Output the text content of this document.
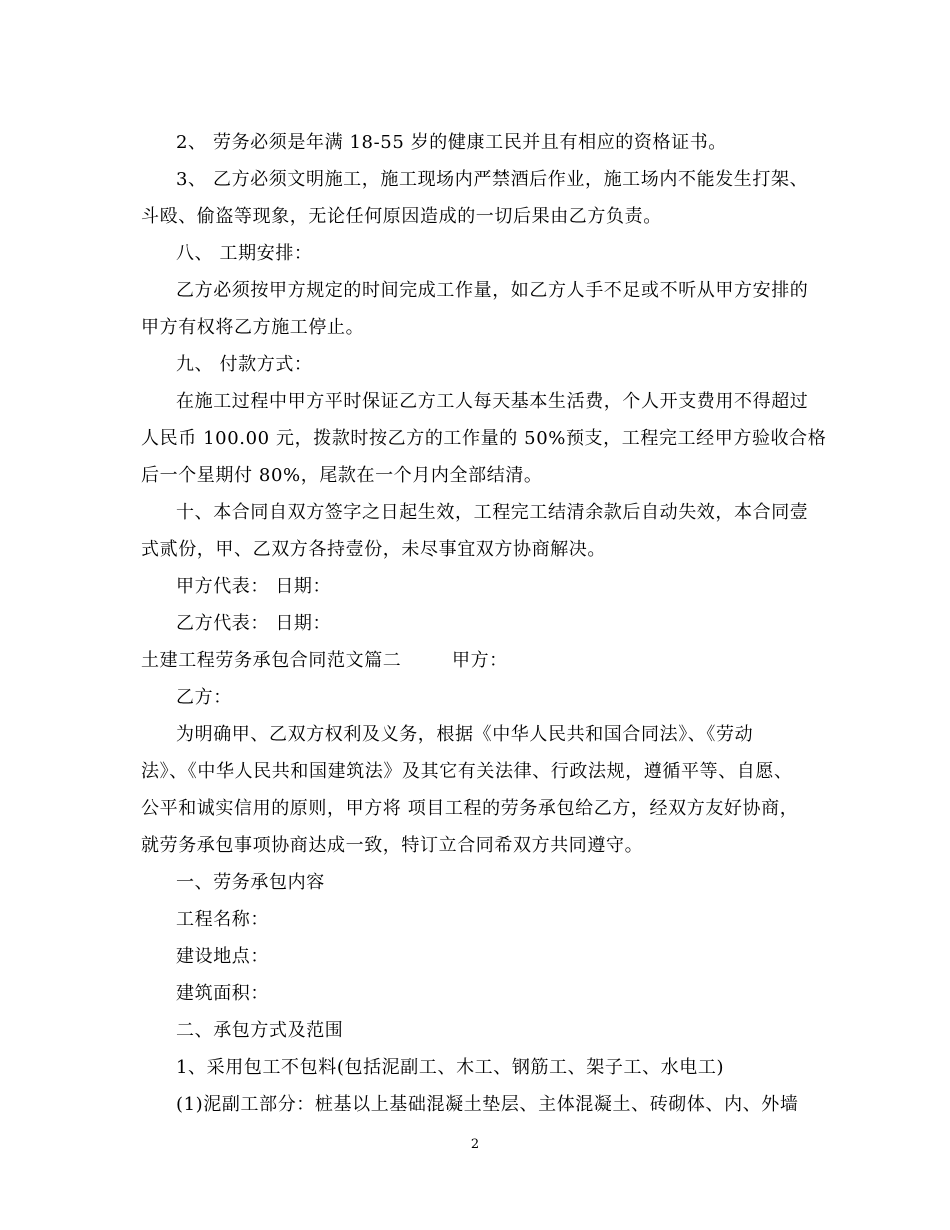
2、 劳务必须是年满 18-55 岁的健康工民并且有相应的资格证书。
3、 乙方必须文明施工，施工现场内严禁酒后作业，施工场内不能发生打架、
斗殴、偷盗等现象，无论任何原因造成的一切后果由乙方负责。
八、 工期安排：
乙方必须按甲方规定的时间完成工作量，如乙方人手不足或不听从甲方安排的
甲方有权将乙方施工停止。
九、 付款方式：
在施工过程中甲方平时保证乙方工人每天基本生活费，个人开支费用不得超过
人民币 100.00 元，拨款时按乙方的工作量的 50%预支，工程完工经甲方验收合格
后一个星期付 80%，尾款在一个月内全部结清。
十、本合同自双方签字之日起生效，工程完工结清余款后自动失效，本合同壹
式贰份，甲、乙双方各持壹份，未尽事宜双方协商解决。
甲方代表： 日期：
乙方代表： 日期：
土建工程劳务承包合同范文篇二        甲方：
乙方：
为明确甲、乙双方权利及义务，根据《中华人民共和国合同法》、《劳动
法》、《中华人民共和国建筑法》及其它有关法律、行政法规，遵循平等、自愿、
公平和诚实信用的原则，甲方将 项目工程的劳务承包给乙方，经双方友好协商，
就劳务承包事项协商达成一致，特订立合同希双方共同遵守。
一、劳务承包内容
工程名称：
建设地点：
建筑面积：
二、承包方式及范围
1、采用包工不包料(包括泥副工、木工、钢筋工、架子工、水电工)
(1)泥副工部分：桩基以上基础混凝土垫层、主体混凝土、砖砌体、内、外墙
2
